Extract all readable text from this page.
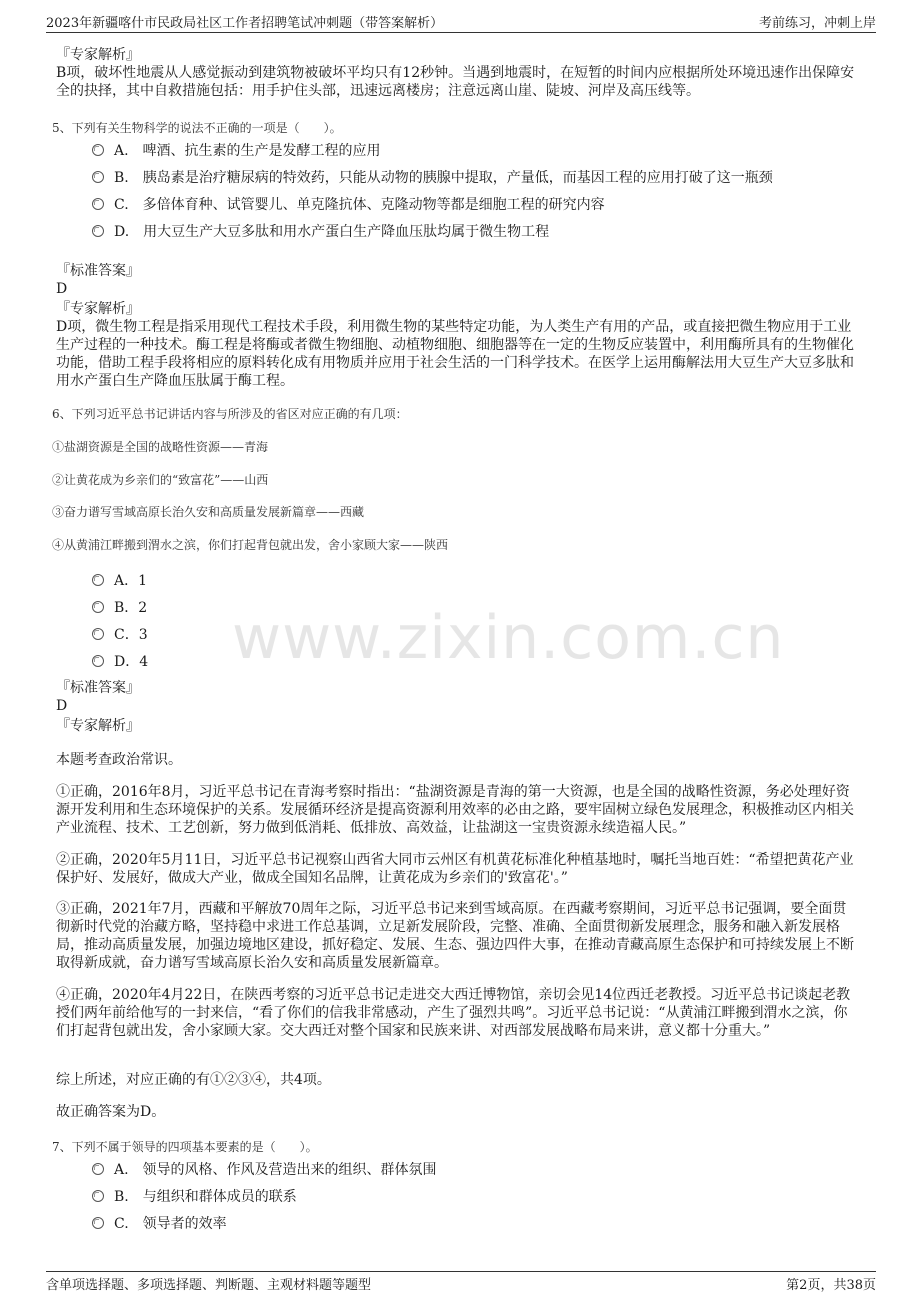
2023年新疆喀什市民政局社区工作者招聘笔试冲刺题（带答案解析）	考前练习，冲刺上岸
www.zixin.com.cn
『专家解析』
B项，破坏性地震从人感觉振动到建筑物被破坏平均只有12秒钟。当遇到地震时，在短暂的时间内应根据所处环境迅速作出保障安全的抉择，其中自救措施包括：用手护住头部，迅速远离楼房；注意远离山崖、陡坡、河岸及高压线等。
5、下列有关生物科学的说法不正确的一项是（　　）。
A.　啤酒、抗生素的生产是发酵工程的应用
B.　胰岛素是治疗糖尿病的特效药，只能从动物的胰腺中提取，产量低，而基因工程的应用打破了这一瓶颈
C.　多倍体育种、试管婴儿、单克隆抗体、克隆动物等都是细胞工程的研究内容
D.　用大豆生产大豆多肽和用水产蛋白生产降血压肽均属于微生物工程
『标准答案』
D
『专家解析』
D项，微生物工程是指采用现代工程技术手段，利用微生物的某些特定功能，为人类生产有用的产品，或直接把微生物应用于工业生产过程的一种技术。酶工程是将酶或者微生物细胞、动植物细胞、细胞器等在一定的生物反应装置中，利用酶所具有的生物催化功能，借助工程手段将相应的原料转化成有用物质并应用于社会生活的一门科学技术。在医学上运用酶解法用大豆生产大豆多肽和用水产蛋白生产降血压肽属于酶工程。
6、下列习近平总书记讲话内容与所涉及的省区对应正确的有几项：
①盐湖资源是全国的战略性资源——青海
②让黄花成为乡亲们的“致富花”——山西
③奋力谱写雪域高原长治久安和高质量发展新篇章——西藏
④从黄浦江畔搬到渭水之滨，你们打起背包就出发，舍小家顾大家——陕西
A．1
B．2
C．3
D．4
『标准答案』
D
『专家解析』
本题考查政治常识。
①正确，2016年8月，习近平总书记在青海考察时指出：“盐湖资源是青海的第一大资源，也是全国的战略性资源，务必处理好资源开发利用和生态环境保护的关系。发展循环经济是提高资源利用效率的必由之路，要牢固树立绿色发展理念，积极推动区内相关产业流程、技术、工艺创新，努力做到低消耗、低排放、高效益，让盐湖这一宝贵资源永续造福人民。”
②正确，2020年5月11日，习近平总书记视察山西省大同市云州区有机黄花标准化种植基地时，嘱托当地百姓：“希望把黄花产业保护好、发展好，做成大产业，做成全国知名品牌，让黄花成为乡亲们的'致富花'。”
③正确，2021年7月，西藏和平解放70周年之际，习近平总书记来到雪域高原。在西藏考察期间，习近平总书记强调，要全面贯彻新时代党的治藏方略，坚持稳中求进工作总基调，立足新发展阶段，完整、准确、全面贯彻新发展理念，服务和融入新发展格局，推动高质量发展，加强边境地区建设，抓好稳定、发展、生态、强边四件大事，在推动青藏高原生态保护和可持续发展上不断取得新成就，奋力谱写雪域高原长治久安和高质量发展新篇章。
④正确，2020年4月22日，在陕西考察的习近平总书记走进交大西迁博物馆，亲切会见14位西迁老教授。习近平总书记谈起老教授们两年前给他写的一封来信，“看了你们的信我非常感动，产生了强烈共鸣”。习近平总书记说：“从黄浦江畔搬到渭水之滨，你们打起背包就出发，舍小家顾大家。交大西迁对整个国家和民族来讲、对西部发展战略布局来讲，意义都十分重大。”
综上所述，对应正确的有①②③④，共4项。
故正确答案为D。
7、下列不属于领导的四项基本要素的是（　　）。
A.　领导的风格、作风及营造出来的组织、群体氛围
B.　与组织和群体成员的联系
C.　领导者的效率
含单项选择题、多项选择题、判断题、主观材料题等题型	第2页，共38页
